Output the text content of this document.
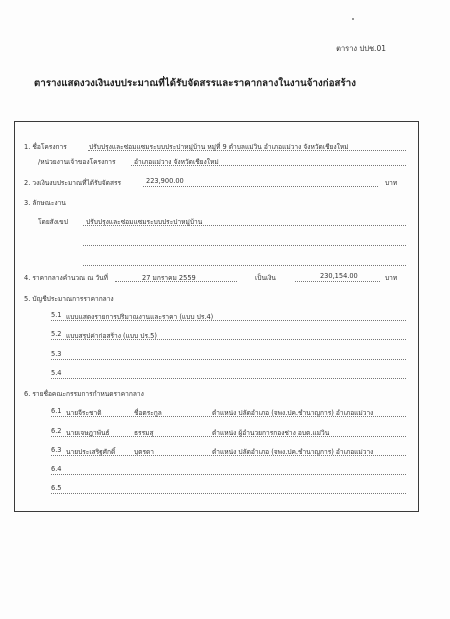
ตาราง ปปช.01
ตารางแสดงวงเงินงบประมาณที่ได้รับจัดสรรและราคากลางในงานจ้างก่อสร้าง
1. ชื่อโครงการ	ปรับปรุงและซ่อมแซมระบบประปาหมู่บ้าน หมู่ที่ 9 ตำบลแม่วิน อำเภอแม่วาง จังหวัดเชียงใหม่
/หน่วยงานเจ้าของโครงการ	อำเภอแม่วาง จังหวัดเชียงใหม่
2. วงเงินงบประมาณที่ได้รับจัดสรร	223,900.00	บาท
3. ลักษณะงาน
โดยสังเขป	ปรับปรุงและซ่อมแซมระบบประปาหมู่บ้าน
4. ราคากลางคำนวณ ณ วันที่	27 มกราคม 2559	เป็นเงิน	230,154.00	บาท
5. บัญชีประมาณการราคากลาง
5.1 แบบแสดงรายการปริมาณงานและราคา (แบบ ปร.4)
5.2 แบบสรุปค่าก่อสร้าง (แบบ ปร.5)
5.3
5.4
6. รายชื่อคณะกรรมการกำหนดราคากลาง
6.1 นายจีระชาติ	ชื่อตระกูล	ตำแหน่ง ปลัดอำเภอ (จพง.ปค.ชำนาญการ) อำเภอแม่วาง
6.2 นายเจษฎาพันธ์	ธรรมสุ	ตำแหน่ง ผู้อำนวยการกองช่าง อบต.แม่วิน
6.3 นายประเสริฐศักดิ์	บุตรดา	ตำแหน่ง ปลัดอำเภอ (จพง.ปค.ชำนาญการ) อำเภอแม่วาง
6.4
6.5
